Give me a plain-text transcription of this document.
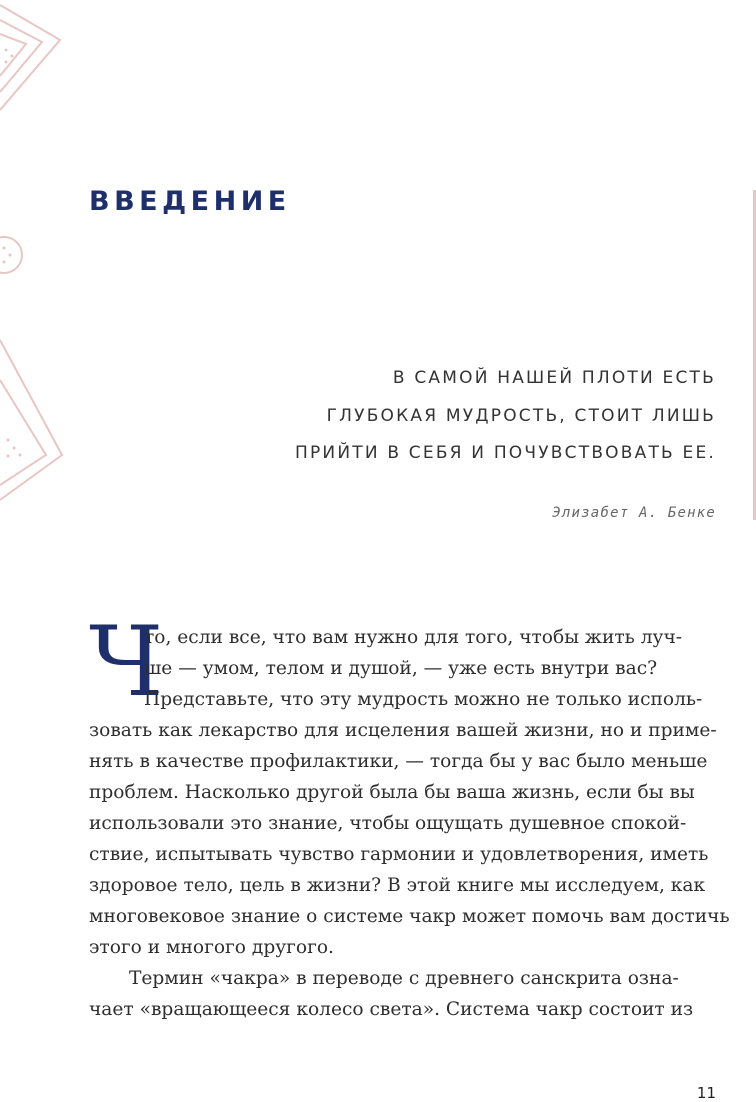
ВВЕДЕНИЕ
В САМОЙ НАШЕЙ ПЛОТИ ЕСТЬ
ГЛУБОКАЯ МУДРОСТЬ, СТОИТ ЛИШЬ
ПРИЙТИ В СЕБЯ И ПОЧУВСТВОВАТЬ ЕЕ.
Элизабет А. Бенке
Ч
то, если все, что вам нужно для того, чтобы жить луч-
ше — умом, телом и душой, — уже есть внутри вас?
Представьте, что эту мудрость можно не только исполь-
зовать как лекарство для исцеления вашей жизни, но и приме-
нять в качестве профилактики, — тогда бы у вас было меньше
проблем. Насколько другой была бы ваша жизнь, если бы вы
использовали это знание, чтобы ощущать душевное спокой-
ствие, испытывать чувство гармонии и удовлетворения, иметь
здоровое тело, цель в жизни? В этой книге мы исследуем, как
многовековое знание о системе чакр может помочь вам достичь
этого и многого другого.
Термин «чакра» в переводе с древнего санскрита озна-
чает «вращающееся колесо света». Система чакр состоит из
11
